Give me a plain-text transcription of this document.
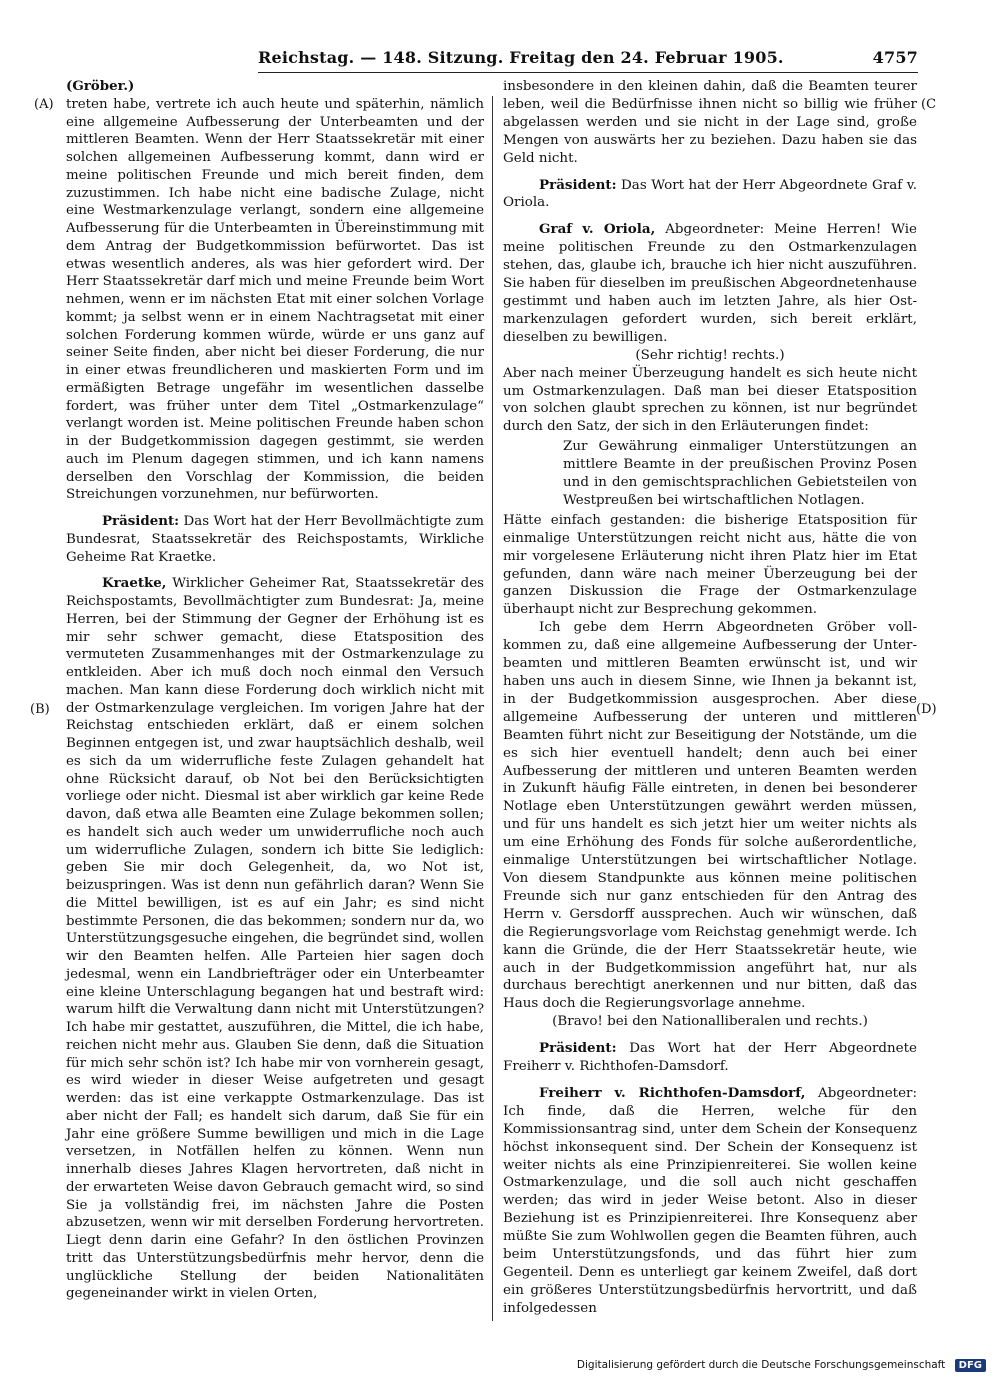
Reichstag. — 148. Sitzung. Freitag den 24. Februar 1905.	4757
(A)
(B)
(C
(D)

(Gröber.)

treten habe, vertrete ich auch heute und späterhin, nämlich eine allgemeine Aufbesserung der Unterbeamten und der mittleren Beamten. Wenn der Herr Staatssekretär mit einer solchen allgemeinen Aufbesserung kommt, dann wird er meine politischen Freunde und mich bereit finden, dem zuzustimmen. Ich habe nicht eine badische Zulage, nicht eine Westmarkenzulage verlangt, sondern eine allgemeine Aufbesserung für die Unterbeamten in Übereinstimmung mit dem Antrag der Budgetkommission befürwortet. Das ist etwas wesentlich anderes, als was hier gefordert wird. Der Herr Staatssekretär darf mich und meine Freunde beim Wort nehmen, wenn er im nächsten Etat mit einer solchen Vorlage kommt; ja selbst wenn er in einem Nachtragsetat mit einer solchen Forderung kommen würde, würde er uns ganz auf seiner Seite finden, aber nicht bei dieser Forderung, die nur in einer etwas freundlicheren und maskierten Form und im ermäßigten Betrage ungefähr im wesentlichen dasselbe fordert, was früher unter dem Titel „Ostmarkenzulage“ verlangt worden ist. Meine politischen Freunde haben schon in der Budgetkommission dagegen gestimmt, sie werden auch im Plenum dagegen stimmen, und ich kann namens derselben den Vorschlag der Kommission, die beiden Streichungen vorzunehmen, nur befürworten.

Präsident: Das Wort hat der Herr Bevollmächtigte zum Bundesrat, Staatssekretär des Reichspostamts, Wirkliche Geheime Rat Kraetke.

Kraetke, Wirklicher Geheimer Rat, Staatssekretär des Reichspostamts, Bevollmächtigter zum Bundesrat: Ja, meine Herren, bei der Stimmung der Gegner der Erhöhung ist es mir sehr schwer gemacht, diese Etatsposition des vermuteten Zusammenhanges mit der Ostmarkenzulage zu entkleiden. Aber ich muß doch noch einmal den Versuch machen. Man kann diese Forderung doch wirklich nicht mit der Ostmarkenzulage vergleichen. Im vorigen Jahre hat der Reichstag entschieden erklärt, daß er einem solchen Beginnen entgegen ist, und zwar hauptsächlich deshalb, weil es sich da um widerrufliche feste Zulagen gehandelt hat ohne Rücksicht darauf, ob Not bei den Berücksichtigten vorliege oder nicht. Diesmal ist aber wirklich gar keine Rede davon, daß etwa alle Beamten eine Zulage bekommen sollen; es handelt sich auch weder um unwiderrufliche noch auch um widerrufliche Zulagen, sondern ich bitte Sie lediglich: geben Sie mir doch Gelegenheit, da, wo Not ist, beizuspringen. Was ist denn nun gefährlich daran? Wenn Sie die Mittel bewilligen, ist es auf ein Jahr; es sind nicht bestimmte Personen, die das bekommen; sondern nur da, wo Unterstützungsgesuche eingehen, die begründet sind, wollen wir den Beamten helfen. Alle Parteien hier sagen doch jedesmal, wenn ein Landbriefträger oder ein Unterbeamter eine kleine Unterschlagung begangen hat und bestraft wird: warum hilft die Verwaltung dann nicht mit Unterstützungen? Ich habe mir gestattet, auszuführen, die Mittel, die ich habe, reichen nicht mehr aus. Glauben Sie denn, daß die Situation für mich sehr schön ist? Ich habe mir von vornherein gesagt, es wird wieder in dieser Weise aufgetreten und gesagt werden: das ist eine verkappte Ostmarkenzulage. Das ist aber nicht der Fall; es handelt sich darum, daß Sie für ein Jahr eine größere Summe bewilligen und mich in die Lage versetzen, in Notfällen helfen zu können. Wenn nun innerhalb dieses Jahres Klagen hervortreten, daß nicht in der erwarteten Weise davon Gebrauch gemacht wird, so sind Sie ja vollständig frei, im nächsten Jahre die Posten abzusetzen, wenn wir mit derselben Forderung hervortreten. Liegt denn darin eine Gefahr? In den östlichen Provinzen tritt das Unterstützungsbedürfnis mehr hervor, denn die unglückliche Stellung der beiden Nationalitäten gegeneinander wirkt in vielen Orten,

insbesondere in den kleinen dahin, daß die Beamten teurer leben, weil die Bedürfnisse ihnen nicht so billig wie früher abgelassen werden und sie nicht in der Lage sind, große Mengen von auswärts her zu beziehen. Dazu haben sie das Geld nicht.

Präsident: Das Wort hat der Herr Abgeordnete Graf v. Oriola.

Graf v. Oriola, Abgeordneter: Meine Herren! Wie meine politischen Freunde zu den Ostmarkenzulagen stehen, das, glaube ich, brauche ich hier nicht auszuführen. Sie haben für dieselben im preußischen Abgeordnetenhause gestimmt und haben auch im letzten Jahre, als hier Ostmarkenzulagen gefordert wurden, sich bereit erklärt, dieselben zu bewilligen.

(Sehr richtig! rechts.)

Aber nach meiner Überzeugung handelt es sich heute nicht um Ostmarkenzulagen. Daß man bei dieser Etatsposition von solchen glaubt sprechen zu können, ist nur begründet durch den Satz, der sich in den Erläuterungen findet:

Zur Gewährung einmaliger Unterstützungen an mittlere Beamte in der preußischen Provinz Posen und in den gemischtsprachlichen Gebietsteilen von Westpreußen bei wirtschaftlichen Notlagen.

Hätte einfach gestanden: die bisherige Etatsposition für einmalige Unterstützungen reicht nicht aus, hätte die von mir vorgelesene Erläuterung nicht ihren Platz hier im Etat gefunden, dann wäre nach meiner Überzeugung bei der ganzen Diskussion die Frage der Ostmarkenzulage überhaupt nicht zur Besprechung gekommen.

Ich gebe dem Herrn Abgeordneten Gröber vollkommen zu, daß eine allgemeine Aufbesserung der Unterbeamten und mittleren Beamten erwünscht ist, und wir haben uns auch in diesem Sinne, wie Ihnen ja bekannt ist, in der Budgetkommission ausgesprochen. Aber diese allgemeine Aufbesserung der unteren und mittleren Beamten führt nicht zur Beseitigung der Notstände, um die es sich hier eventuell handelt; denn auch bei einer Aufbesserung der mittleren und unteren Beamten werden in Zukunft häufig Fälle eintreten, in denen bei besonderer Notlage eben Unterstützungen gewährt werden müssen, und für uns handelt es sich jetzt hier um weiter nichts als um eine Erhöhung des Fonds für solche außerordentliche, einmalige Unterstützungen bei wirtschaftlicher Notlage. Von diesem Standpunkte aus können meine politischen Freunde sich nur ganz entschieden für den Antrag des Herrn v. Gersdorff aussprechen. Auch wir wünschen, daß die Regierungsvorlage vom Reichstag genehmigt werde. Ich kann die Gründe, die der Herr Staatssekretär heute, wie auch in der Budgetkommission angeführt hat, nur als durchaus berechtigt anerkennen und nur bitten, daß das Haus doch die Regierungsvorlage annehme.

(Bravo! bei den Nationalliberalen und rechts.)

Präsident: Das Wort hat der Herr Abgeordnete Freiherr v. Richthofen-Damsdorf.

Freiherr v. Richthofen-Damsdorf, Abgeordneter: Ich finde, daß die Herren, welche für den Kommissionsantrag sind, unter dem Schein der Konsequenz höchst inkonsequent sind. Der Schein der Konsequenz ist weiter nichts als eine Prinzipienreiterei. Sie wollen keine Ostmarkenzulage, und die soll auch nicht geschaffen werden; das wird in jeder Weise betont. Also in dieser Beziehung ist es Prinzipienreiterei. Ihre Konsequenz aber müßte Sie zum Wohlwollen gegen die Beamten führen, auch beim Unterstützungsfonds, und das führt hier zum Gegenteil. Denn es unterliegt gar keinem Zweifel, daß dort ein größeres Unterstützungsbedürfnis hervortritt, und daß infolgedessen

Digitalisierung gefördert durch die Deutsche Forschungsgemeinschaft DFG
